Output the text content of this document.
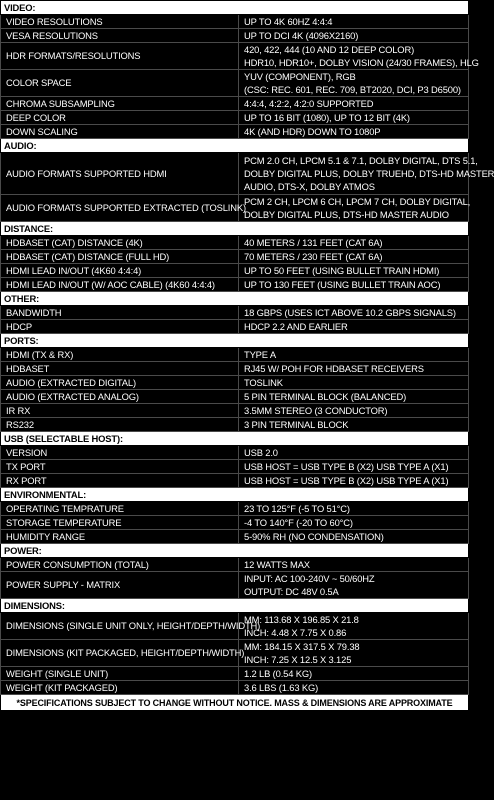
VIDEO:	
VIDEO RESOLUTIONS	UP TO 4K 60HZ 4:4:4

VESA RESOLUTIONS	UP TO DCI 4K (4096X2160)

HDR FORMATS/RESOLUTIONS	420, 422, 444 (10 AND 12 DEEP COLOR)
HDR10, HDR10+, DOLBY VISION (24/30 FRAMES), HLG

COLOR SPACE	YUV (COMPONENT), RGB
(CSC: REC. 601, REC. 709, BT2020, DCI, P3 D6500)

CHROMA SUBSAMPLING	4:4:4, 4:2:2, 4:2:0 SUPPORTED

DEEP COLOR	UP TO 16 BIT (1080), UP TO 12 BIT (4K)

DOWN SCALING	4K (AND HDR) DOWN TO 1080P

AUDIO:	
AUDIO FORMATS SUPPORTED HDMI	PCM 2.0 CH, LPCM 5.1 & 7.1, DOLBY DIGITAL, DTS 5.1,
DOLBY DIGITAL PLUS, DOLBY TRUEHD, DTS-HD MASTER
AUDIO, DTS-X, DOLBY ATMOS

AUDIO FORMATS SUPPORTED EXTRACTED (TOSLINK)	PCM 2 CH, LPCM 6 CH, LPCM 7 CH, DOLBY DIGITAL,
DOLBY DIGITAL PLUS, DTS-HD MASTER AUDIO

DISTANCE:	
HDBASET (CAT) DISTANCE (4K)	40 METERS / 131 FEET (CAT 6A)

HDBASET (CAT) DISTANCE (FULL HD)	70 METERS / 230 FEET (CAT 6A)

HDMI LEAD IN/OUT (4K60 4:4:4)	UP TO 50 FEET (USING BULLET TRAIN HDMI)

HDMI LEAD IN/OUT (W/ AOC CABLE) (4K60 4:4:4)	UP TO 130 FEET (USING BULLET TRAIN AOC)

OTHER:	
BANDWIDTH	18 GBPS (USES ICT ABOVE 10.2 GBPS SIGNALS)

HDCP	HDCP 2.2 AND EARLIER

PORTS:	
HDMI (TX & RX)	TYPE A

HDBASET	RJ45 W/ POH FOR HDBASET RECEIVERS

AUDIO (EXTRACTED DIGITAL)	TOSLINK

AUDIO (EXTRACTED ANALOG)	5 PIN TERMINAL BLOCK (BALANCED)

IR RX	3.5MM STEREO (3 CONDUCTOR)

RS232	3 PIN TERMINAL BLOCK

USB (SELECTABLE HOST):	
VERSION	USB 2.0

TX PORT	USB HOST = USB TYPE B (X2) USB TYPE A (X1)

RX PORT	USB HOST = USB TYPE B (X2) USB TYPE A (X1)

ENVIRONMENTAL:	
OPERATING TEMPRATURE	23 TO 125°F (-5 TO 51°C)

STORAGE TEMPERATURE	-4 TO 140°F (-20 TO 60°C)

HUMIDITY RANGE	5-90% RH (NO CONDENSATION)

POWER:	
POWER CONSUMPTION (TOTAL)	12 WATTS MAX

POWER SUPPLY - MATRIX	INPUT: AC 100-240V ~ 50/60HZ
OUTPUT: DC 48V 0.5A

DIMENSIONS:	
DIMENSIONS (SINGLE UNIT ONLY, HEIGHT/DEPTH/WIDTH)	MM: 113.68 X 196.85 X 21.8
INCH: 4.48 X 7.75 X 0.86

DIMENSIONS (KIT PACKAGED, HEIGHT/DEPTH/WIDTH)	MM: 184.15 X 317.5 X 79.38
INCH: 7.25 X 12.5 X 3.125

WEIGHT (SINGLE UNIT)	1.2 LB (0.54 KG)

WEIGHT (KIT PACKAGED)	3.6 LBS (1.63 KG)

*SPECIFICATIONS SUBJECT TO CHANGE WITHOUT NOTICE. MASS & DIMENSIONS ARE APPROXIMATE	
